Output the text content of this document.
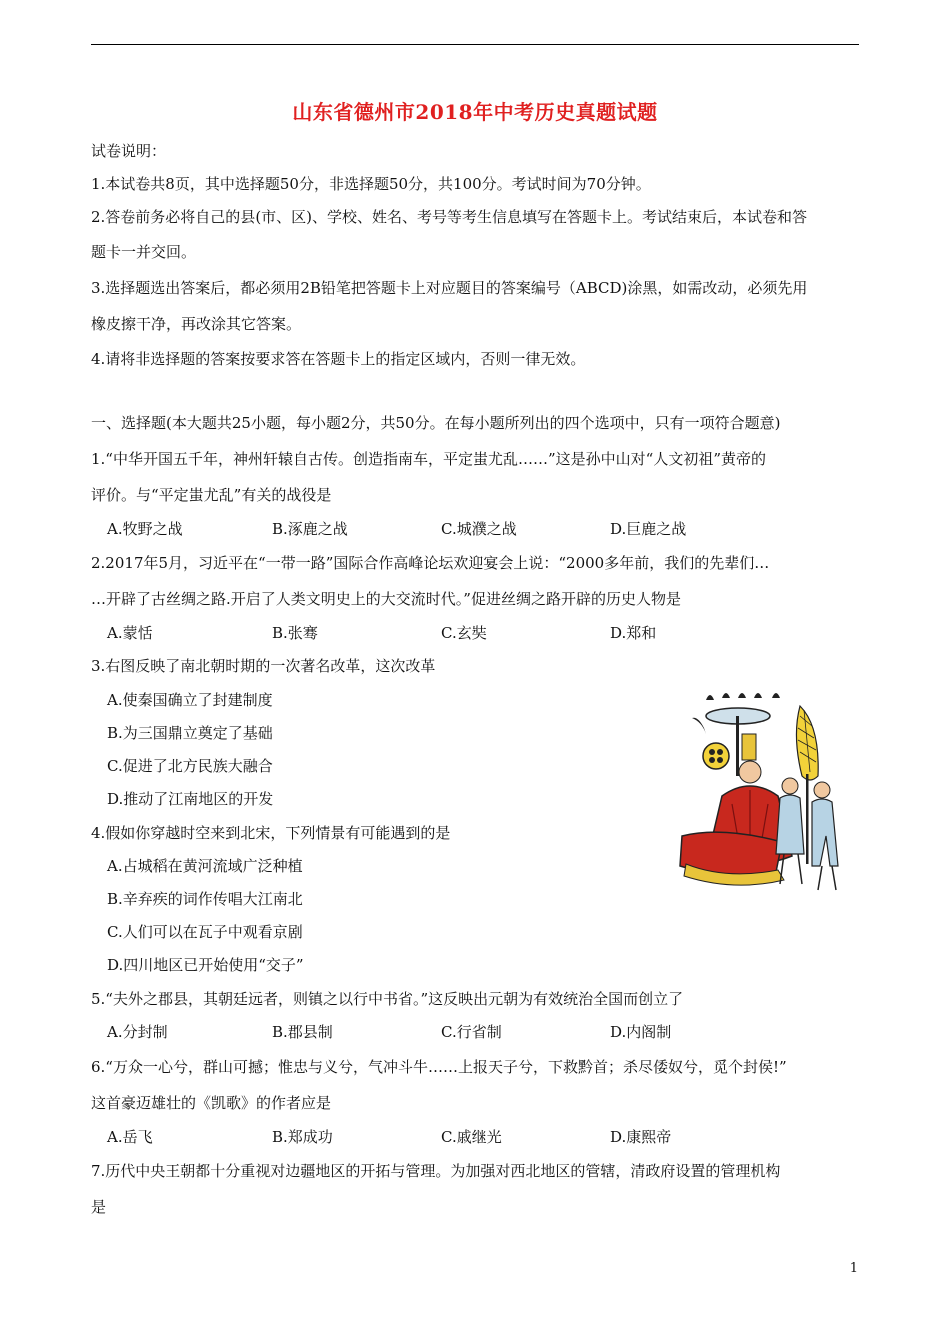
山东省德州市2018年中考历史真题试题
试卷说明：
1.本试卷共8页，其中选择题50分，非选择题50分，共100分。考试时间为70分钟。
2.答卷前务必将自己的县(市、区)、学校、姓名、考号等考生信息填写在答题卡上。考试结束后，本试卷和答
题卡一并交回。
3.选择题选出答案后，都必须用2B铅笔把答题卡上对应题目的答案编号（ABCD)涂黑，如需改动，必须先用
橡皮擦干净，再改涂其它答案。
4.请将非选择题的答案按要求答在答题卡上的指定区域内，否则一律无效。
一、选择题(本大题共25小题，每小题2分，共50分。在每小题所列出的四个选项中，只有一项符合题意)
1.“中华开国五千年，神州轩辕自古传。创造指南车，平定蚩尤乱……”这是孙中山对“人文初祖”黄帝的
评价。与“平定蚩尤乱”有关的战役是
A.牧野之战	B.涿鹿之战	C.城濮之战	D.巨鹿之战
2.2017年5月，习近平在“一带一路”国际合作高峰论坛欢迎宴会上说：“2000多年前，我们的先辈们…
…开辟了古丝绸之路.开启了人类文明史上的大交流时代。”促进丝绸之路开辟的历史人物是
A.蒙恬	B.张骞	C.玄奘	D.郑和
3.右图反映了南北朝时期的一次著名改革，这次改革
A.使秦国确立了封建制度
B.为三国鼎立奠定了基础
C.促进了北方民族大融合
D.推动了江南地区的开发
4.假如你穿越时空来到北宋，下列情景有可能遇到的是
A.占城稻在黄河流域广泛种植
B.辛弃疾的词作传唱大江南北
C.人们可以在瓦子中观看京剧
D.四川地区已开始使用“交子”
5.“夫外之郡县，其朝廷远者，则镇之以行中书省。”这反映出元朝为有效统治全国而创立了
A.分封制	B.郡县制	C.行省制	D.内阁制
6.“万众一心兮，群山可撼；惟忠与义兮，气冲斗牛……上报天子兮，下救黔首；杀尽倭奴兮，觅个封侯!”
这首豪迈雄壮的《凯歌》的作者应是
A.岳飞	B.郑成功	C.戚继光	D.康熙帝
7.历代中央王朝都十分重视对边疆地区的开拓与管理。为加强对西北地区的管辖，清政府设置的管理机构
是
1
